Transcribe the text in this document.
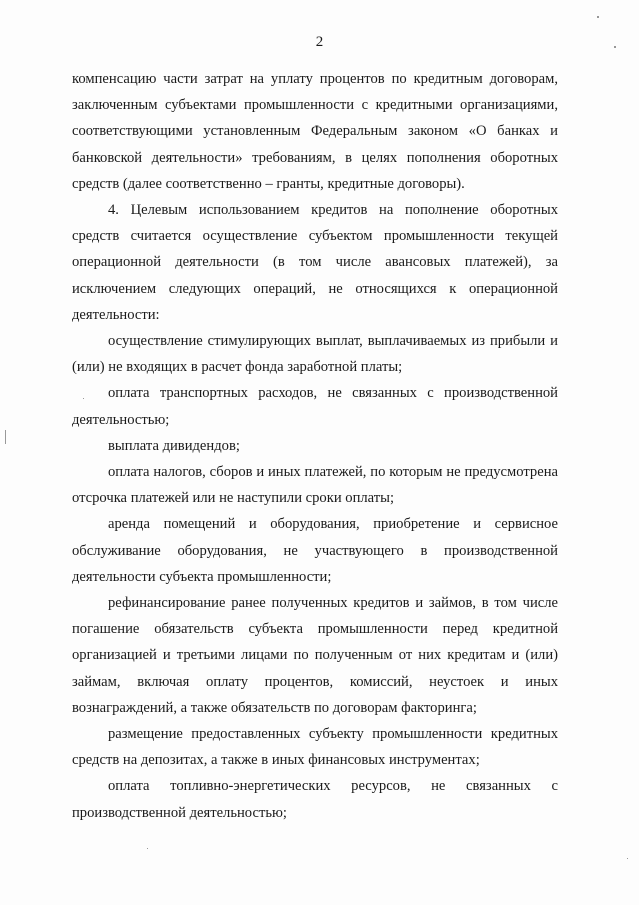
2

компенсацию части затрат на уплату процентов по кредитным договорам, заключенным субъектами промышленности с кредитными организациями, соответствующими установленным Федеральным законом «О банках и банковской деятельности» требованиям, в целях пополнения оборотных средств (далее соответственно – гранты, кредитные договоры).

4. Целевым использованием кредитов на пополнение оборотных средств считается осуществление субъектом промышленности текущей операционной деятельности (в том числе авансовых платежей), за исключением следующих операций, не относящихся к операционной деятельности:

осуществление стимулирующих выплат, выплачиваемых из прибыли и (или) не входящих в расчет фонда заработной платы;

оплата транспортных расходов, не связанных с производственной деятельностью;

выплата дивидендов;

оплата налогов, сборов и иных платежей, по которым не предусмотрена отсрочка платежей или не наступили сроки оплаты;

аренда помещений и оборудования, приобретение и сервисное обслуживание оборудования, не участвующего в производственной деятельности субъекта промышленности;

рефинансирование ранее полученных кредитов и займов, в том числе погашение обязательств субъекта промышленности перед кредитной организацией и третьими лицами по полученным от них кредитам и (или) займам, включая оплату процентов, комиссий, неустоек и иных вознаграждений, а также обязательств по договорам факторинга;

размещение предоставленных субъекту промышленности кредитных средств на депозитах, а также в иных финансовых инструментах;

оплата топливно-энергетических ресурсов, не связанных с производственной деятельностью;
